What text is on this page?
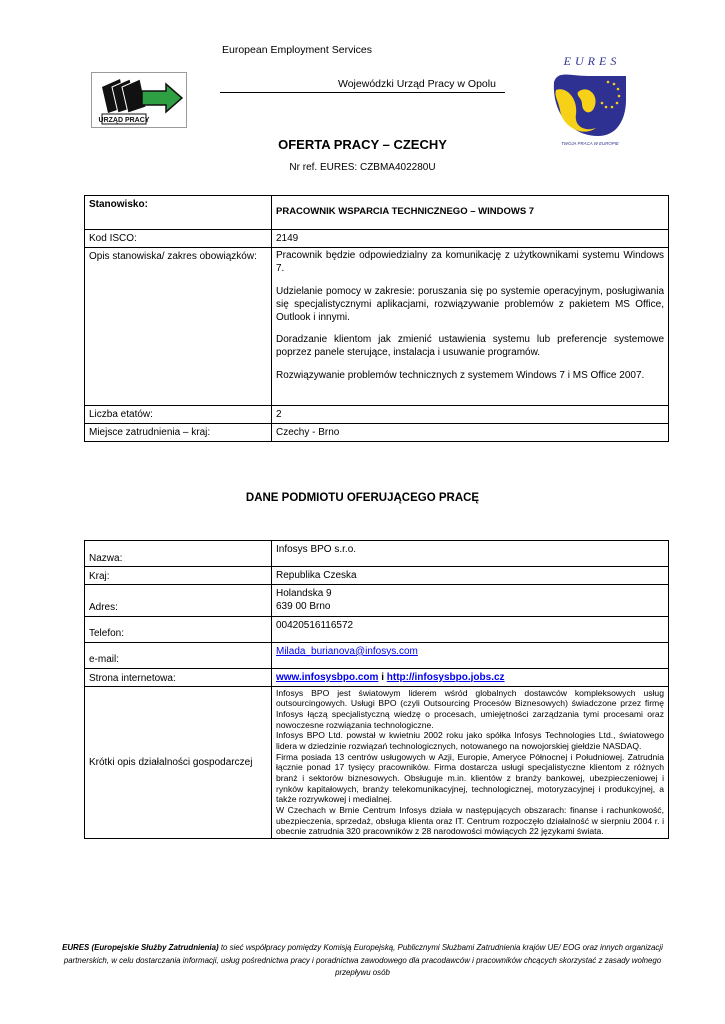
European Employment Services
Wojewódzki Urząd Pracy w Opolu
URZĄD PRACY
EURES
TWOJA PRACA W EUROPIE
OFERTA PRACY – CZECHY
Nr ref. EURES: CZBMA402280U
Stanowisko:	PRACOWNIK WSPARCIA TECHNICZNEGO – WINDOWS 7
Kod ISCO:	2149
Opis stanowiska/ zakres obowiązków:	Pracownik będzie odpowiedzialny za komunikację z użytkownikami systemu Windows 7.

Udzielanie pomocy w zakresie: poruszania się po systemie operacyjnym, posługiwania się specjalistycznymi aplikacjami, rozwiązywanie problemów z pakietem MS Office, Outlook i innymi.

Doradzanie klientom jak zmienić ustawienia systemu lub preferencje systemowe poprzez panele sterujące, instalacja i usuwanie programów.

Rozwiązywanie problemów technicznych z systemem Windows 7 i MS Office 2007.

Liczba etatów:	2
Miejsce zatrudnienia – kraj:	Czechy - Brno
DANE PODMIOTU OFERUJĄCEGO PRACĘ
Nazwa:	Infosys BPO s.r.o.
Kraj:	Republika Czeska
Adres:	Holandska 9
639 00 Brno

Telefon:	00420516116572
e-mail:	Milada_burianova@infosys.com
Strona internetowa:	www.infosysbpo.com i http://infosysbpo.jobs.cz
Krótki opis działalności gospodarczej	Infosys BPO jest światowym liderem wśród globalnych dostawców kompleksowych usług outsourcingowych. Usługi BPO (czyli Outsourcing Procesów Biznesowych) świadczone przez firmę Infosys łączą specjalistyczną wiedzę o procesach, umiejętności zarządzania tymi procesami oraz nowoczesne rozwiązania technologiczne.
Infosys BPO Ltd. powstał w kwietniu 2002 roku jako spółka Infosys Technologies Ltd., światowego lidera w dziedzinie rozwiązań technologicznych, notowanego na nowojorskiej giełdzie NASDAQ.
Firma posiada 13 centrów usługowych w Azji, Europie, Ameryce Północnej i Południowej. Zatrudnia łącznie ponad 17 tysięcy pracowników. Firma dostarcza usługi specjalistyczne klientom z różnych branż i sektorów biznesowych. Obsługuje m.in. klientów z branży bankowej, ubezpieczeniowej i rynków kapitałowych, branży telekomunikacyjnej, technologicznej, motoryzacyjnej i produkcyjnej, a także rozrywkowej i medialnej.
W Czechach w Brnie Centrum Infosys działa w następujących obszarach: finanse i rachunkowość, ubezpieczenia, sprzedaż, obsługa klienta oraz IT. Centrum rozpoczęło działalność w sierpniu 2004 r. i obecnie zatrudnia 320 pracowników z 28 narodowości mówiących 22 językami świata.
EURES (Europejskie Służby Zatrudnienia) to sieć współpracy pomiędzy Komisją Europejską, Publicznymi Służbami Zatrudnienia krajów UE/ EOG oraz innych organizacji partnerskich, w celu dostarczania informacji, usług pośrednictwa pracy i poradnictwa zawodowego dla pracodawców i pracowników chcących skorzystać z zasady wolnego przepływu osób
